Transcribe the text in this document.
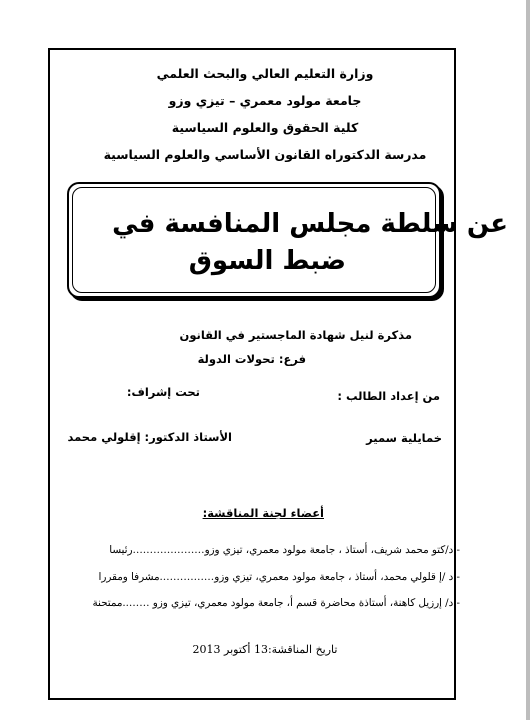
وزارة التعليم العالي والبحث العلمي
جامعة مولود معمري – تيزي وزو
كلية الحقوق والعلوم السياسية
مدرسة الدكتوراه القانون الأساسي والعلوم السياسية
عن سلطة مجلس المنافسة في
ضبط السوق
مذكرة لنيل شهادة الماجستير في القانون
فرع: تحولات الدولة
من إعداد الطالب :
تحت إشراف:
خمايلية سمير
الأستاذ الدكتور: إقلولي محمد
أعضاء لجنة المناقشة:
- د/كتو محمد شريف، أستاذ ، جامعة مولود معمري، تيزي وزو…………………رئيسا
- د /إ قلولي محمد، أستاذ ، جامعة مولود معمري، تيزي وزو…………….مشرفا ومقررا
- د/ إرزيل كاهنة، أستاذة محاضرة قسم أ، جامعة مولود معمري، تيزي وزو ……..ممتحنة
تاريخ المناقشة:13 أكتوبر 2013
